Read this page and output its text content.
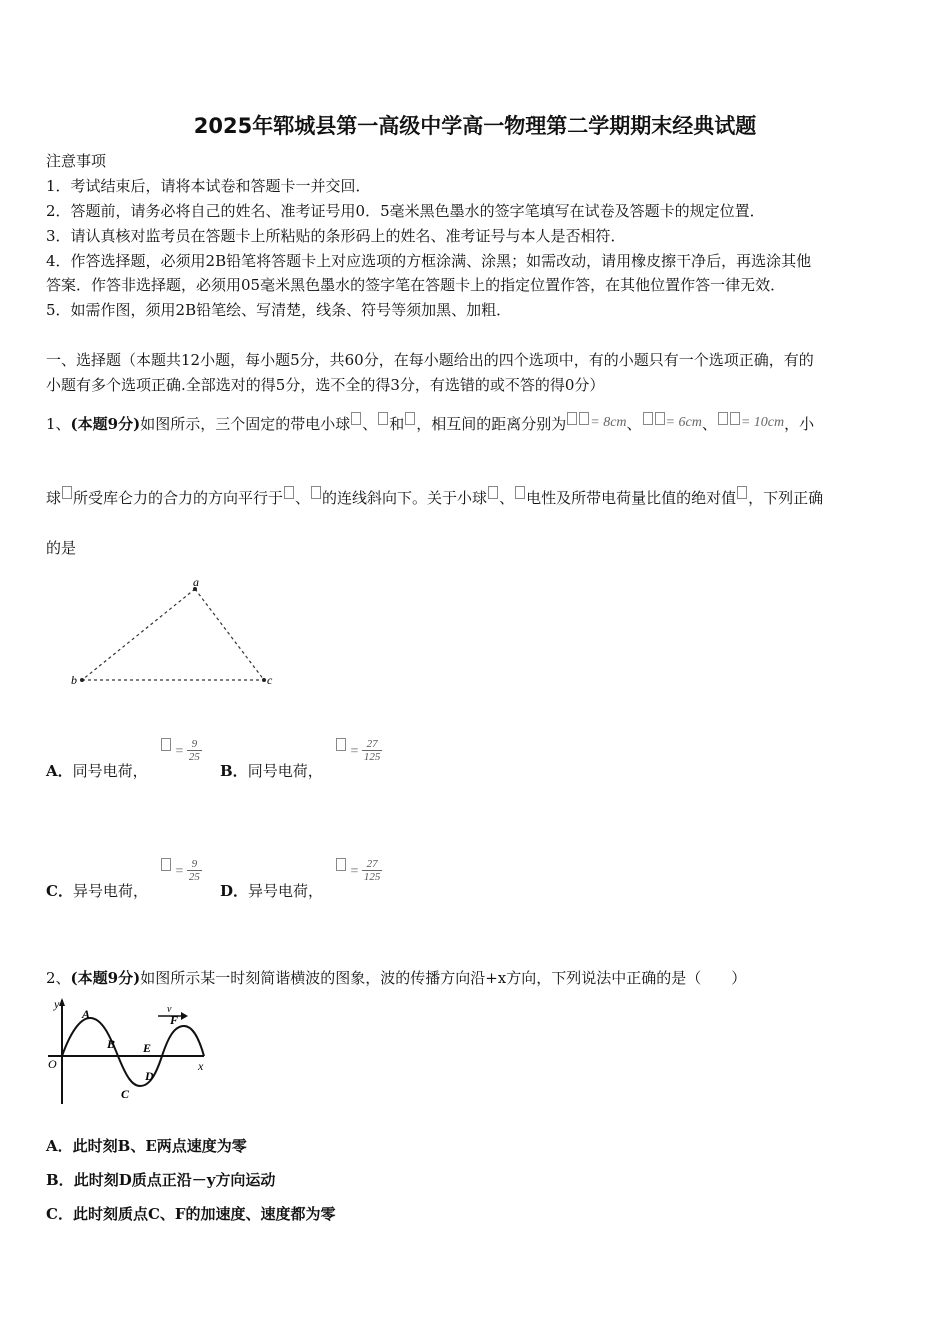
2025年郓城县第一高级中学高一物理第二学期期末经典试题
注意事项
1．考试结束后，请将本试卷和答题卡一并交回．
2．答题前，请务必将自己的姓名、准考证号用0．5毫米黑色墨水的签字笔填写在试卷及答题卡的规定位置．
3．请认真核对监考员在答题卡上所粘贴的条形码上的姓名、准考证号与本人是否相符．
4．作答选择题，必须用2B铅笔将答题卡上对应选项的方框涂满、涂黑；如需改动，请用橡皮擦干净后，再选涂其他
答案．作答非选择题，必须用05毫米黑色墨水的签字笔在答题卡上的指定位置作答，在其他位置作答一律无效．
5．如需作图，须用2B铅笔绘、写清楚，线条、符号等须加黑、加粗．
一、选择题（本题共12小题，每小题5分，共60分，在每小题给出的四个选项中，有的小题只有一个选项正确，有的
小题有多个选项正确.全部选对的得5分，选不全的得3分，有选错的或不答的得0分）
1、(本题9分)如图所示，三个固定的带电小球 、 和 ，相互间的距离分别为 = 8cm、 = 6cm、 = 10cm，小
球 所受库仑力的合力的方向平行于 、 的连线斜向下。关于小球 、 电性及所带电荷量比值的绝对值 ，下列正确
的是
a
b	c
A．同号电荷，
= $\frac{9}{25}$
B．同号电荷，
= $\frac{27}{125}$
C．异号电荷，
= $\frac{9}{25}$
D．异号电荷，
= $\frac{27}{125}$
2、(本题9分)如图所示某一时刻简谐横波的图象，波的传播方向沿+x方向，下列说法中正确的是（　　）
y
x
O
v
A
B
C
D
E
F
A．此时刻B、E两点速度为零
B．此时刻D质点正沿－y方向运动
C．此时刻质点C、F的加速度、速度都为零
